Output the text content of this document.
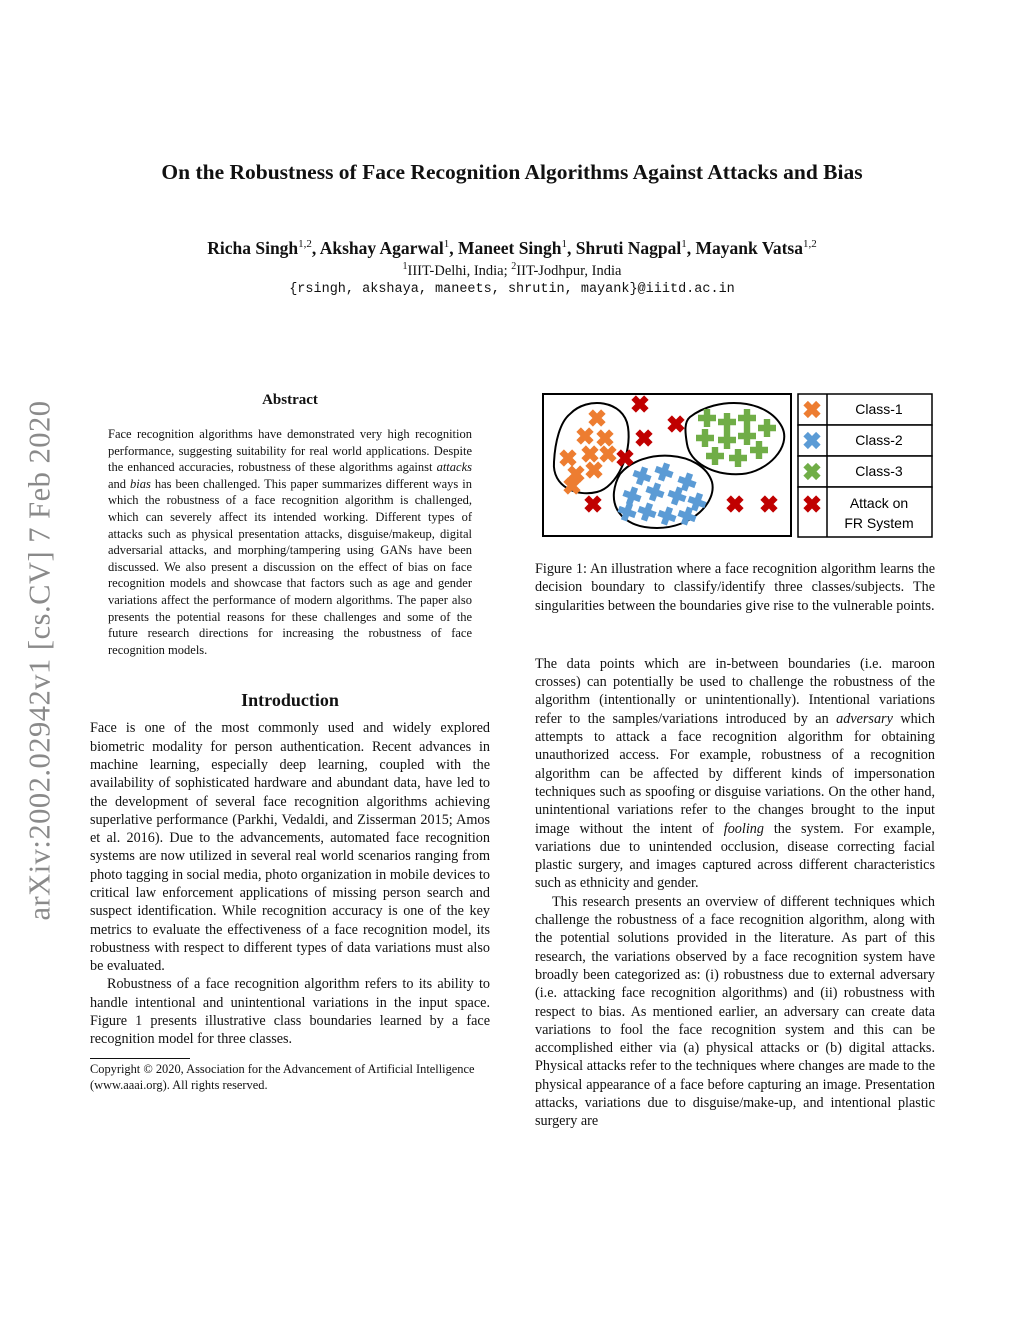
arXiv:2002.02942v1 [cs.CV] 7 Feb 2020
On the Robustness of Face Recognition Algorithms Against Attacks and Bias
Richa Singh$^{1,2}$, Akshay Agarwal$^1$, Maneet Singh$^1$, Shruti Nagpal$^1$, Mayank Vatsa$^{1,2}$
$^1$IIIT-Delhi, India; $^2$IIT-Jodhpur, India
{rsingh, akshaya, maneets, shrutin, mayank}@iiitd.ac.in
Abstract

Face recognition algorithms have demonstrated very high recognition performance, suggesting suitability for real world applications. Despite the enhanced accuracies, robustness of these algorithms against attacks and bias has been challenged. This paper summarizes different ways in which the robustness of a face recognition algorithm is challenged, which can severely affect its intended working. Different types of attacks such as physical presentation attacks, disguise/makeup, digital adversarial attacks, and morphing/tampering using GANs have been discussed. We also present a discussion on the effect of bias on face recognition models and showcase that factors such as age and gender variations affect the performance of modern algorithms. The paper also presents the potential reasons for these challenges and some of the future research directions for increasing the robustness of face recognition models.

Introduction

Face is one of the most commonly used and widely explored biometric modality for person authentication. Recent advances in machine learning, especially deep learning, coupled with the availability of sophisticated hardware and abundant data, have led to the development of several face recognition algorithms achieving superlative performance (Parkhi, Vedaldi, and Zisserman 2015; Amos et al. 2016). Due to the advancements, automated face recognition systems are now utilized in several real world scenarios ranging from photo tagging in social media, photo organization in mobile devices to critical law enforcement applications of missing person search and suspect identification. While recognition accuracy is one of the key metrics to evaluate the effectiveness of a face recognition model, its robustness with respect to different types of data variations must also be evaluated.

Robustness of a face recognition algorithm refers to its ability to handle intentional and unintentional variations in the input space. Figure 1 presents illustrative class boundaries learned by a face recognition model for three classes.

Copyright © 2020, Association for the Advancement of Artificial Intelligence (www.aaai.org). All rights reserved.
Class-1
Class-2
Class-3
Attack on
FR System

Figure 1: An illustration where a face recognition algorithm learns the decision boundary to classify/identify three classes/subjects. The singularities between the boundaries give rise to the vulnerable points.

The data points which are in-between boundaries (i.e. maroon crosses) can potentially be used to challenge the robustness of the algorithm (intentionally or unintentionally). Intentional variations refer to the samples/variations introduced by an adversary which attempts to attack a face recognition algorithm for obtaining unauthorized access. For example, robustness of a recognition algorithm can be affected by different kinds of impersonation techniques such as spoofing or disguise variations. On the other hand, unintentional variations refer to the changes brought to the input image without the intent of fooling the system. For example, variations due to unintended occlusion, disease correcting facial plastic surgery, and images captured across different characteristics such as ethnicity and gender.

This research presents an overview of different techniques which challenge the robustness of a face recognition algorithm, along with the potential solutions provided in the literature. As part of this research, the variations observed by a face recognition system have broadly been categorized as: (i) robustness due to external adversary (i.e. attacking face recognition algorithms) and (ii) robustness with respect to bias. As mentioned earlier, an adversary can create data variations to fool the face recognition system and this can be accomplished either via (a) physical attacks or (b) digital attacks. Physical attacks refer to the techniques where changes are made to the physical appearance of a face before capturing an image. Presentation attacks, variations due to disguise/make-up, and intentional plastic surgery are
